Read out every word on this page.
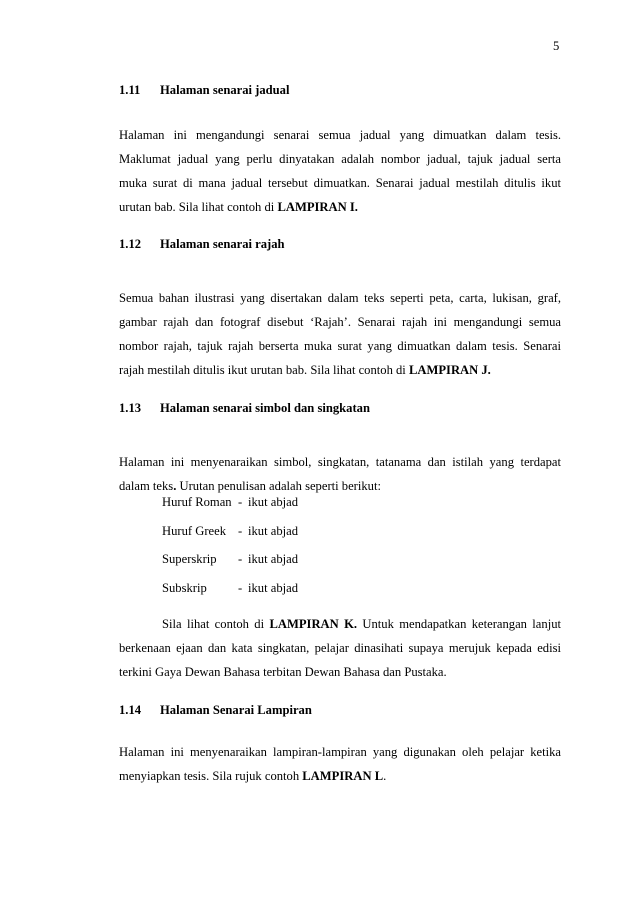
5
1.11 Halaman senarai jadual
Halaman ini mengandungi senarai semua jadual yang dimuatkan dalam tesis.
Maklumat jadual yang perlu dinyatakan adalah nombor jadual, tajuk jadual serta
muka surat di mana jadual tersebut dimuatkan. Senarai jadual mestilah ditulis ikut
urutan bab. Sila lihat contoh di LAMPIRAN I.
1.12 Halaman senarai rajah
Semua bahan ilustrasi yang disertakan dalam teks seperti peta, carta, lukisan, graf,
gambar rajah dan fotograf disebut ‘Rajah’. Senarai rajah ini mengandungi semua
nombor rajah, tajuk rajah berserta muka surat yang dimuatkan dalam tesis. Senarai
rajah mestilah ditulis ikut urutan bab. Sila lihat contoh di LAMPIRAN J.
1.13 Halaman senarai simbol dan singkatan
Halaman ini menyenaraikan simbol, singkatan, tatanama dan istilah yang terdapat
dalam teks. Urutan penulisan adalah seperti berikut:
Huruf Roman - ikut abjad
Huruf Greek - ikut abjad
Superskrip - ikut abjad
Subskrip - ikut abjad
Sila lihat contoh di LAMPIRAN K. Untuk mendapatkan keterangan lanjut
berkenaan ejaan dan kata singkatan, pelajar dinasihati supaya merujuk kepada edisi
terkini Gaya Dewan Bahasa terbitan Dewan Bahasa dan Pustaka.
1.14 Halaman Senarai Lampiran
Halaman ini menyenaraikan lampiran-lampiran yang digunakan oleh pelajar ketika
menyiapkan tesis. Sila rujuk contoh LAMPIRAN L.
